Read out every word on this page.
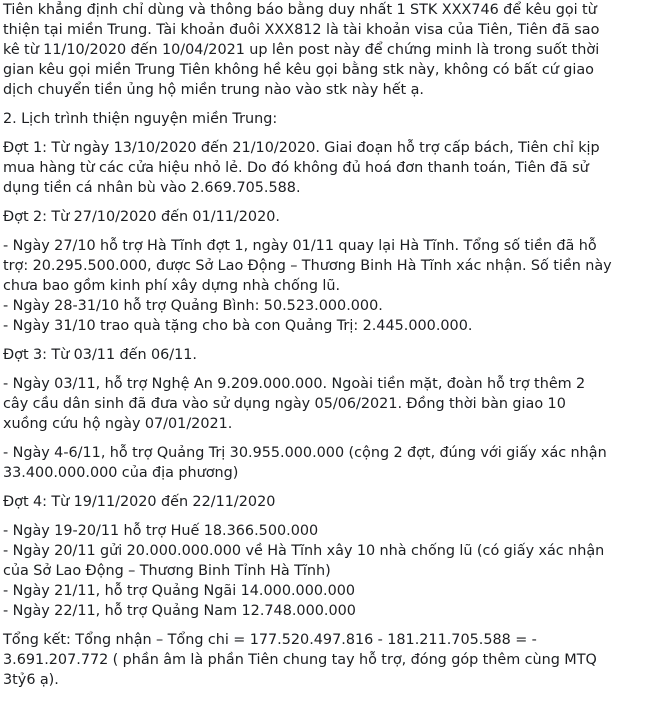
Tiên khẳng định chỉ dùng và thông báo bằng duy nhất 1 STK XXX746 để kêu gọi từ
thiện tại miền Trung. Tài khoản đuôi XXX812 là tài khoản visa của Tiên, Tiên đã sao
kê từ 11/10/2020 đến 10/04/2021 up lên post này để chứng minh là trong suốt thời
gian kêu gọi miền Trung Tiên không hề kêu gọi bằng stk này, không có bất cứ giao
dịch chuyển tiền ủng hộ miền trung nào vào stk này hết ạ.
2. Lịch trình thiện nguyện miền Trung:
Đợt 1: Từ ngày 13/10/2020 đến 21/10/2020. Giai đoạn hỗ trợ cấp bách, Tiên chỉ kịp
mua hàng từ các cửa hiệu nhỏ lẻ. Do đó không đủ hoá đơn thanh toán, Tiên đã sử
dụng tiền cá nhân bù vào 2.669.705.588.
Đợt 2: Từ 27/10/2020 đến 01/11/2020.
- Ngày 27/10 hỗ trợ Hà Tĩnh đợt 1, ngày 01/11 quay lại Hà Tĩnh. Tổng số tiền đã hỗ
trợ: 20.295.500.000, được Sở Lao Động – Thương Binh Hà Tĩnh xác nhận. Số tiền này
chưa bao gồm kinh phí xây dựng nhà chống lũ.
- Ngày 28-31/10 hỗ trợ Quảng Bình: 50.523.000.000.
- Ngày 31/10 trao quà tặng cho bà con Quảng Trị: 2.445.000.000.
Đợt 3: Từ 03/11 đến 06/11.
- Ngày 03/11, hỗ trợ Nghệ An 9.209.000.000. Ngoài tiền mặt, đoàn hỗ trợ thêm 2
cây cầu dân sinh đã đưa vào sử dụng ngày 05/06/2021. Đồng thời bàn giao 10
xuồng cứu hộ ngày 07/01/2021.
- Ngày 4-6/11, hỗ trợ Quảng Trị 30.955.000.000 (cộng 2 đợt, đúng với giấy xác nhận
33.400.000.000 của địa phương)
Đợt 4: Từ 19/11/2020 đến 22/11/2020
- Ngày 19-20/11 hỗ trợ Huế 18.366.500.000
- Ngày 20/11 gửi 20.000.000.000 về Hà Tĩnh xây 10 nhà chống lũ (có giấy xác nhận
của Sở Lao Động – Thương Binh Tỉnh Hà Tĩnh)
- Ngày 21/11, hỗ trợ Quảng Ngãi 14.000.000.000
- Ngày 22/11, hỗ trợ Quảng Nam 12.748.000.000
Tổng kết: Tổng nhận – Tổng chi = 177.520.497.816 - 181.211.705.588 = -
3.691.207.772 ( phần âm là phần Tiên chung tay hỗ trợ, đóng góp thêm cùng MTQ
3tỷ6 ạ).
